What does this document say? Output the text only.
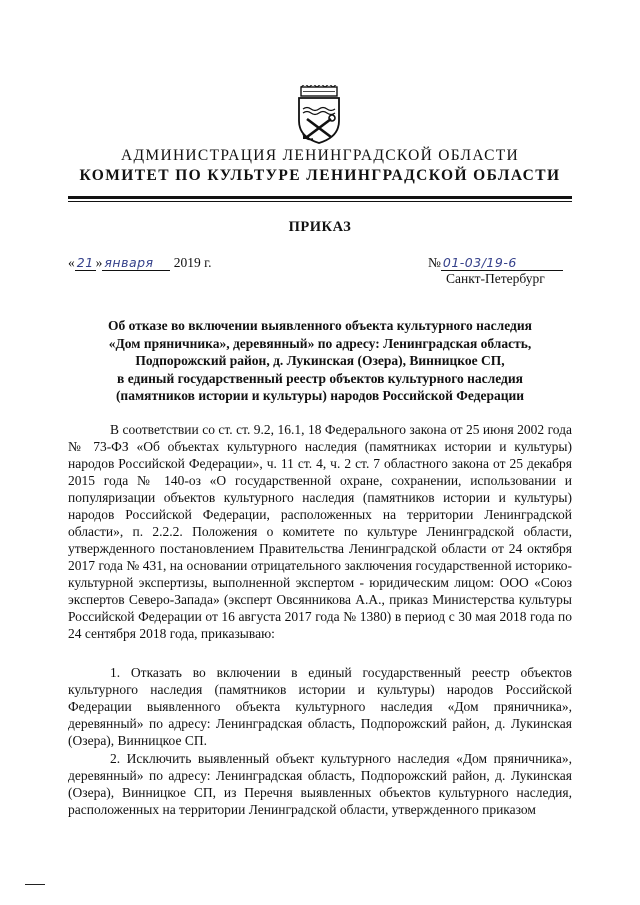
АДМИНИСТРАЦИЯ ЛЕНИНГРАДСКОЙ ОБЛАСТИ
КОМИТЕТ ПО КУЛЬТУРЕ ЛЕНИНГРАДСКОЙ ОБЛАСТИ
ПРИКАЗ
« 21 » января 2019 г.	№ 01-03/19-6
Санкт-Петербург
Об отказе во включении выявленного объекта культурного наследия
«Дом пряничника», деревянный» по адресу: Ленинградская область,
Подпорожский район, д. Лукинская (Озера), Винницкое СП,
в единый государственный реестр объектов культурного наследия
(памятников истории и культуры) народов Российской Федерации

В соответствии со ст. ст. 9.2, 16.1, 18 Федерального закона от 25 июня 2002 года № 73-ФЗ «Об объектах культурного наследия (памятниках истории и культуры) народов Российской Федерации», ч. 11 ст. 4, ч. 2 ст. 7 областного закона от 25 декабря 2015 года № 140-оз «О государственной охране, сохранении, использовании и популяризации объектов культурного наследия (памятников истории и культуры) народов Российской Федерации, расположенных на территории Ленинградской области», п. 2.2.2. Положения о комитете по культуре Ленинградской области, утвержденного постановлением Правительства Ленинградской области от 24 октября 2017 года № 431, на основании отрицательного заключения государственной историко-культурной экспертизы, выполненной экспертом - юридическим лицом: ООО «Союз экспертов Северо-Запада» (эксперт Овсянникова А.А., приказ Министерства культуры Российской Федерации от 16 августа 2017 года № 1380) в период с 30 мая 2018 года по 24 сентября 2018 года, приказываю:

1. Отказать во включении в единый государственный реестр объектов культурного наследия (памятников истории и культуры) народов Российской Федерации выявленного объекта культурного наследия «Дом пряничника», деревянный» по адресу: Ленинградская область, Подпорожский район, д. Лукинская (Озера), Винницкое СП.

2. Исключить выявленный объект культурного наследия «Дом пряничника», деревянный» по адресу: Ленинградская область, Подпорожский район, д. Лукинская (Озера), Винницкое СП, из Перечня выявленных объектов культурного наследия, расположенных на территории Ленинградской области, утвержденного приказом
